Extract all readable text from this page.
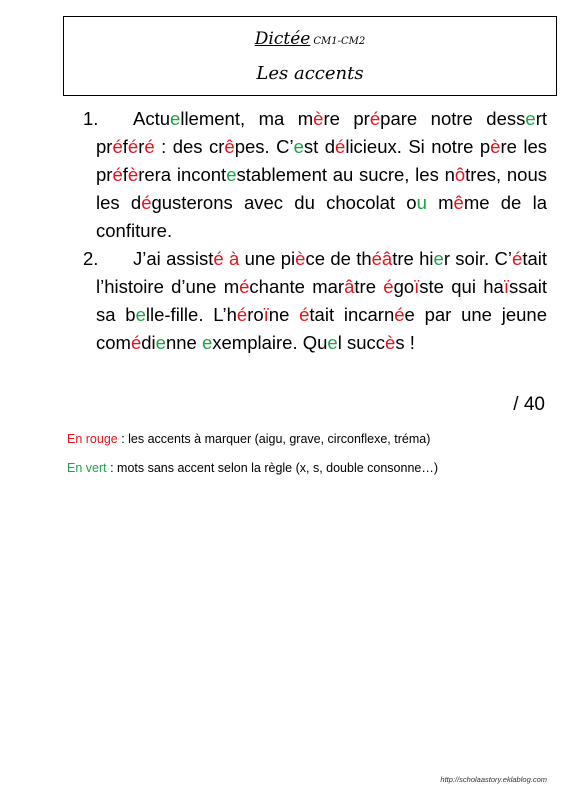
Dictée CM1-CM2
Les accents
1.	Actuellement, ma mère prépare notre dessert préféré : des crêpes. C’est délicieux. Si notre père les préfèrera incontestablement au sucre, les nôtres, nous les dégusterons avec du chocolat ou même de la confiture.
2.	J’ai assisté à une pièce de théâtre hier soir. C’était l’histoire d’une méchante marâtre égoïste qui haïssait sa belle-fille. L’héroïne était incarnée par une jeune comédienne exemplaire. Quel succès !
/ 40
En rouge : les accents à marquer (aigu, grave, circonflexe, tréma)
En vert : mots sans accent selon la règle (x, s, double consonne…)
http://scholaastory.eklablog.com
